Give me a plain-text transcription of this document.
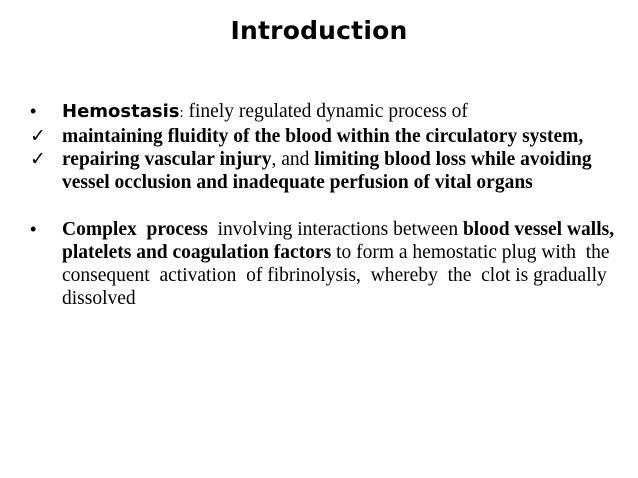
Introduction
•	Hemostasis: finely regulated dynamic process of
✓ maintaining fluidity of the blood within the circulatory system,
✓ repairing vascular injury, and limiting blood loss while avoiding vessel occlusion and inadequate perfusion of vital organs
•	Complex  process  involving interactions between blood vessel walls, platelets and coagulation factors to form a hemostatic plug with  the  consequent  activation  of fibrinolysis,  whereby  the  clot is gradually dissolved
